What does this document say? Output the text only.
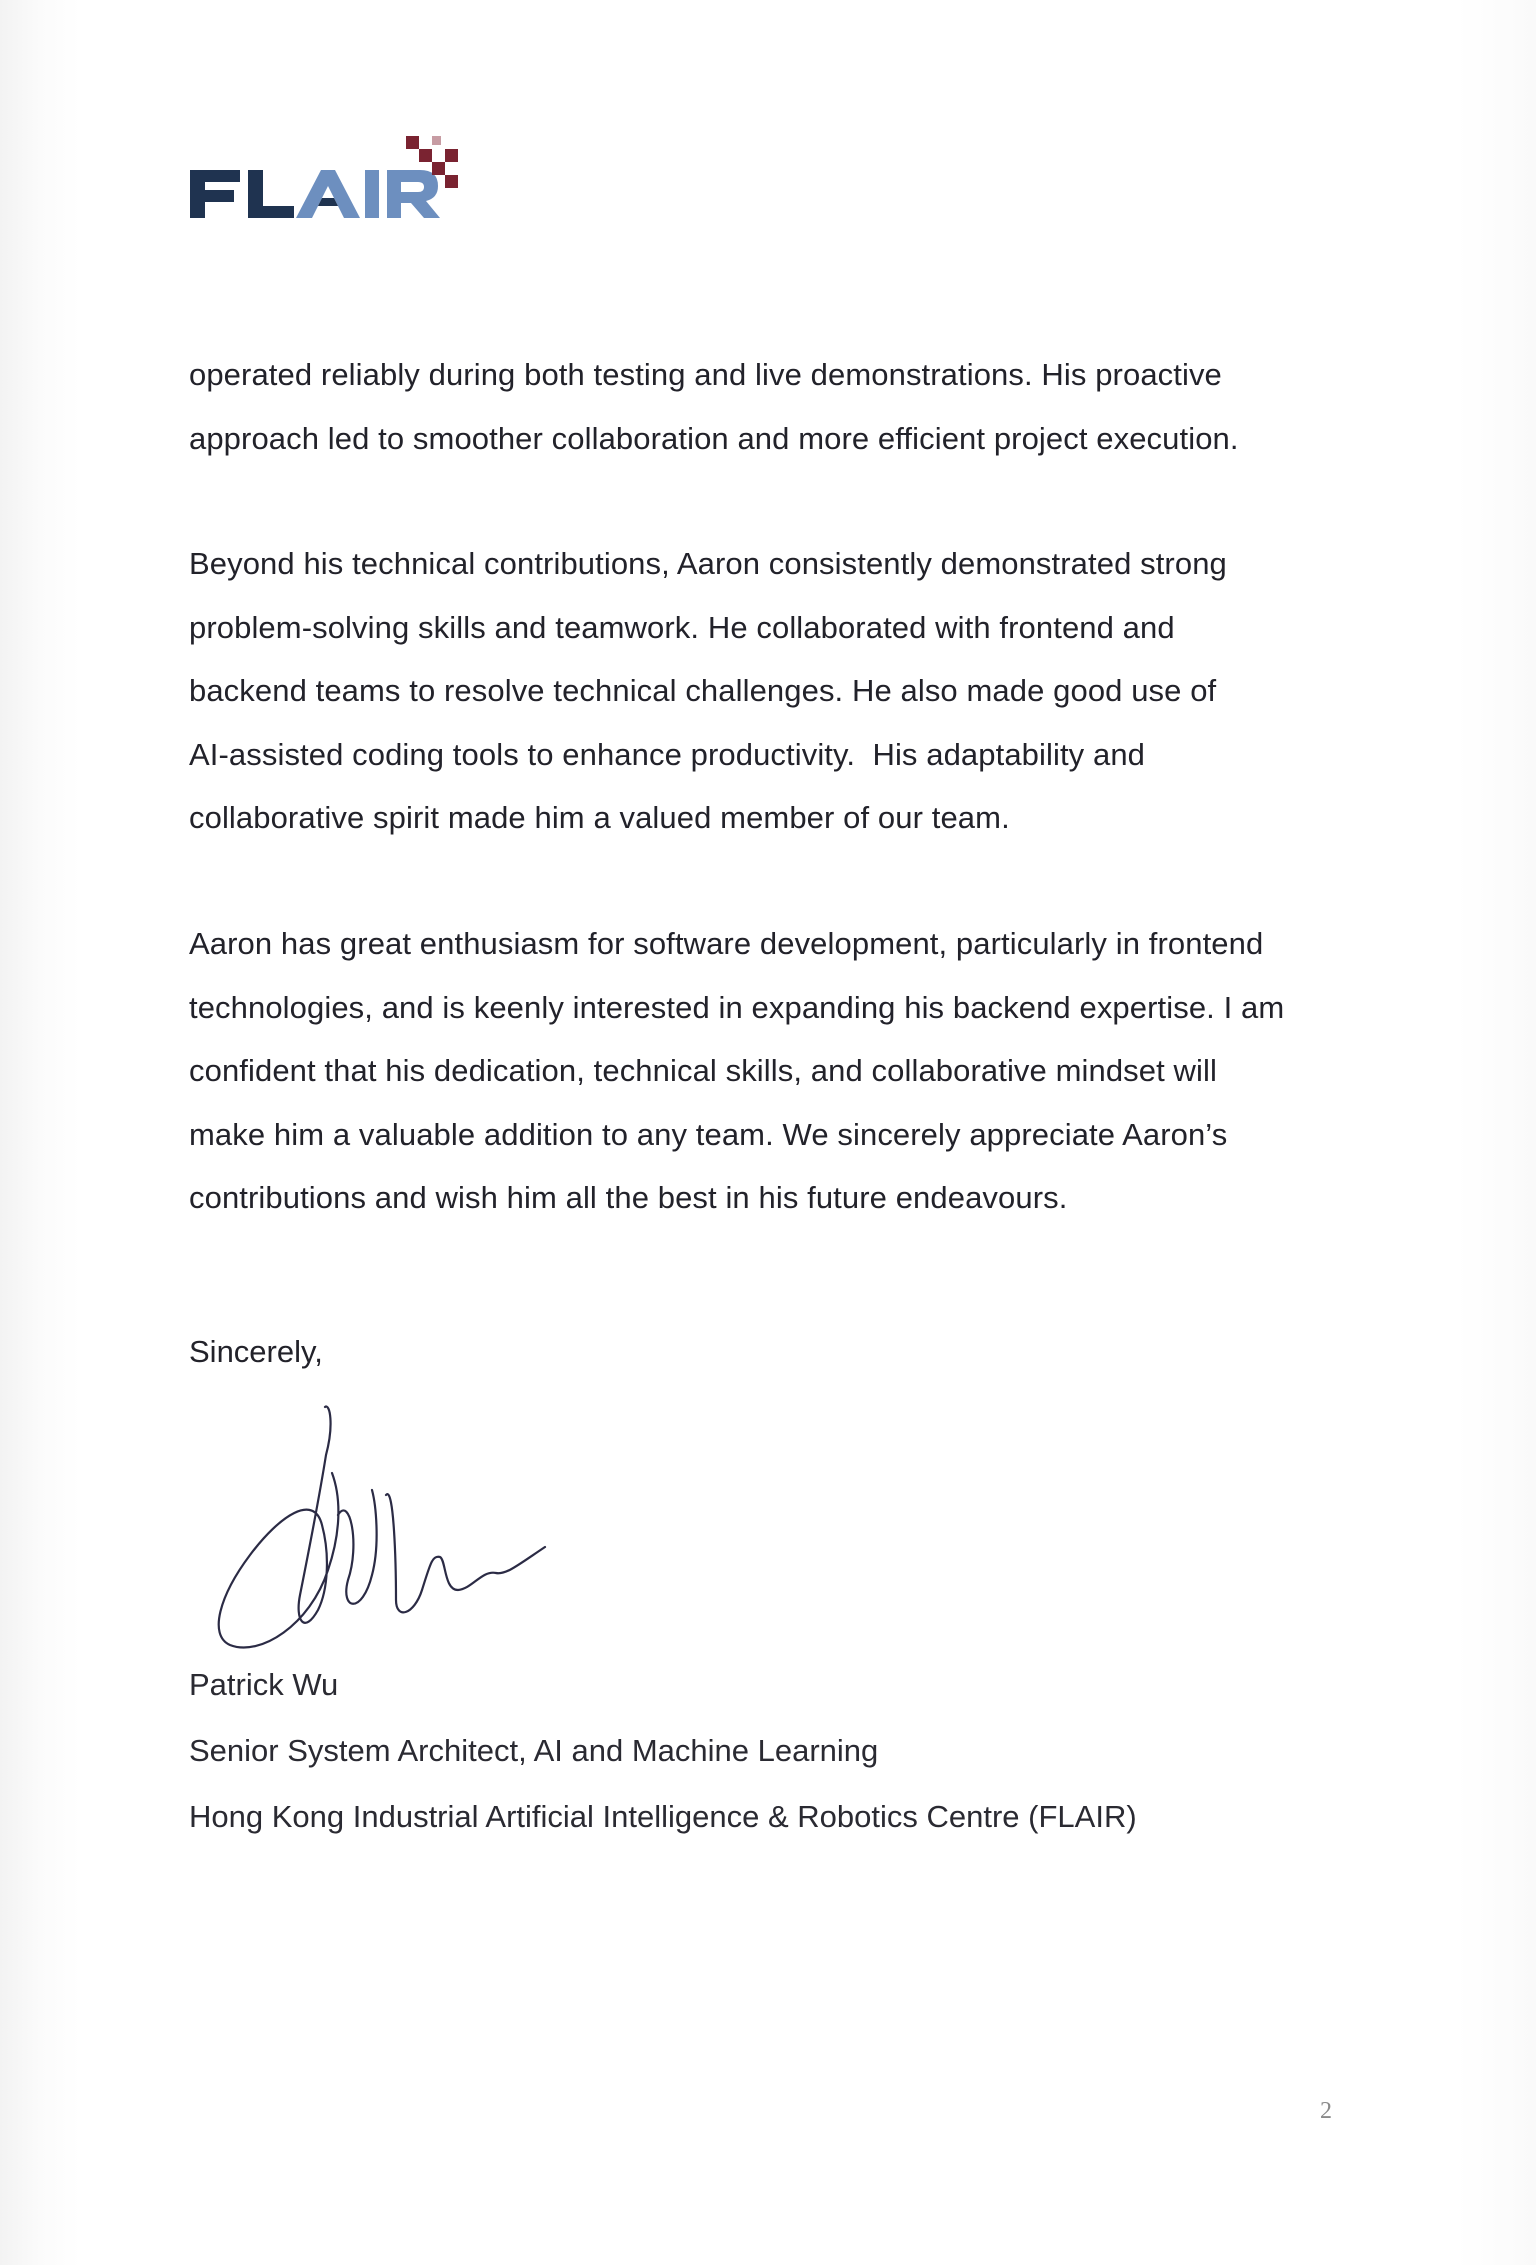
operated reliably during both testing and live demonstrations. His proactive
approach led to smoother collaboration and more efficient project execution.

Beyond his technical contributions, Aaron consistently demonstrated strong
problem-solving skills and teamwork. He collaborated with frontend and
backend teams to resolve technical challenges. He also made good use of
AI-assisted coding tools to enhance productivity.  His adaptability and
collaborative spirit made him a valued member of our team.

Aaron has great enthusiasm for software development, particularly in frontend
technologies, and is keenly interested in expanding his backend expertise. I am
confident that his dedication, technical skills, and collaborative mindset will
make him a valuable addition to any team. We sincerely appreciate Aaron’s
contributions and wish him all the best in his future endeavours.

Sincerely,
Patrick Wu
Senior System Architect, AI and Machine Learning
Hong Kong Industrial Artificial Intelligence & Robotics Centre (FLAIR)
2
